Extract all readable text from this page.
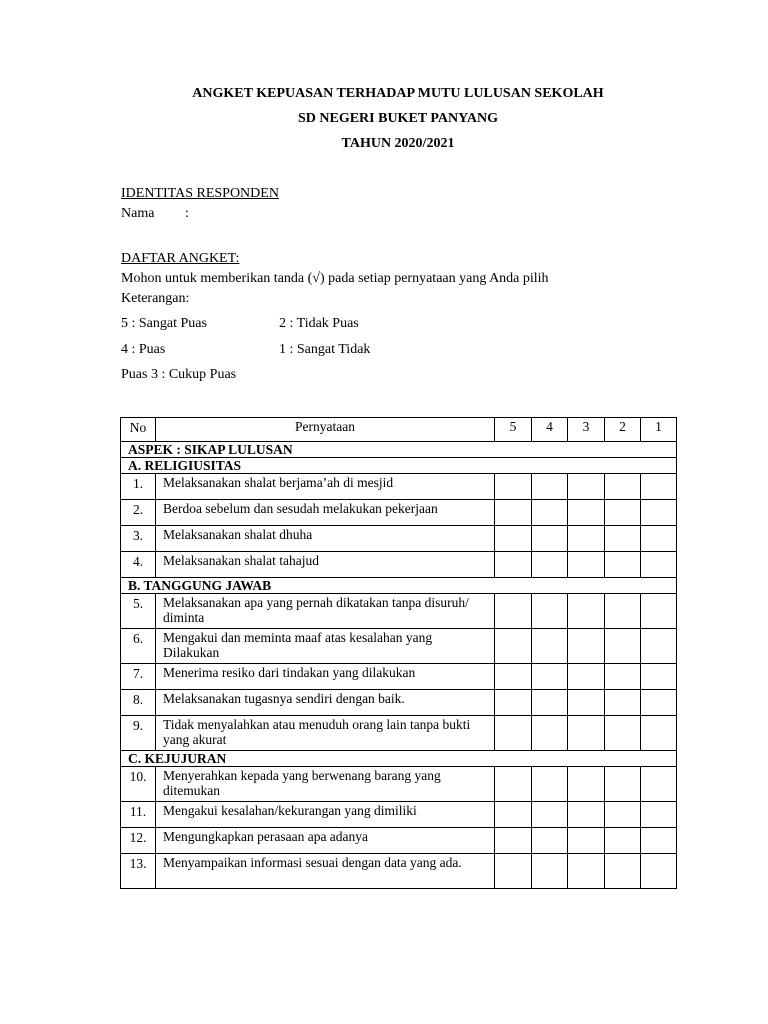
ANGKET KEPUASAN TERHADAP MUTU LULUSAN SEKOLAH
SD NEGERI BUKET PANYANG
TAHUN 2020/2021
IDENTITAS RESPONDEN
Nama :
DAFTAR ANGKET:
Mohon untuk memberikan tanda (√) pada setiap pernyataan yang Anda pilih
Keterangan:
5 : Sangat Puas	2 : Tidak Puas
4 : Puas	1 : Sangat Tidak
Puas 3 : Cukup Puas
No	Pernyataan	5	4	3	2	1
ASPEK : SIKAP LULUSAN						
A. RELIGIUSITAS						
1.	Melaksanakan shalat berjama’ah di mesjid					
2.	Berdoa sebelum dan sesudah melakukan pekerjaan					
3.	Melaksanakan shalat dhuha					
4.	Melaksanakan shalat tahajud					
B. TANGGUNG JAWAB						
5.	Melaksanakan apa yang pernah dikatakan tanpa disuruh/ diminta					
6.	Mengakui dan meminta maaf atas kesalahan yang Dilakukan					
7.	Menerima resiko dari tindakan yang dilakukan					
8.	Melaksanakan tugasnya sendiri dengan baik.					
9.	Tidak menyalahkan atau menuduh orang lain tanpa bukti yang akurat					
C. KEJUJURAN						
10.	Menyerahkan kepada yang berwenang barang yang ditemukan					
11.	Mengakui kesalahan/kekurangan yang dimiliki					
12.	Mengungkapkan perasaan apa adanya					
13.	Menyampaikan informasi sesuai dengan data yang ada.					
